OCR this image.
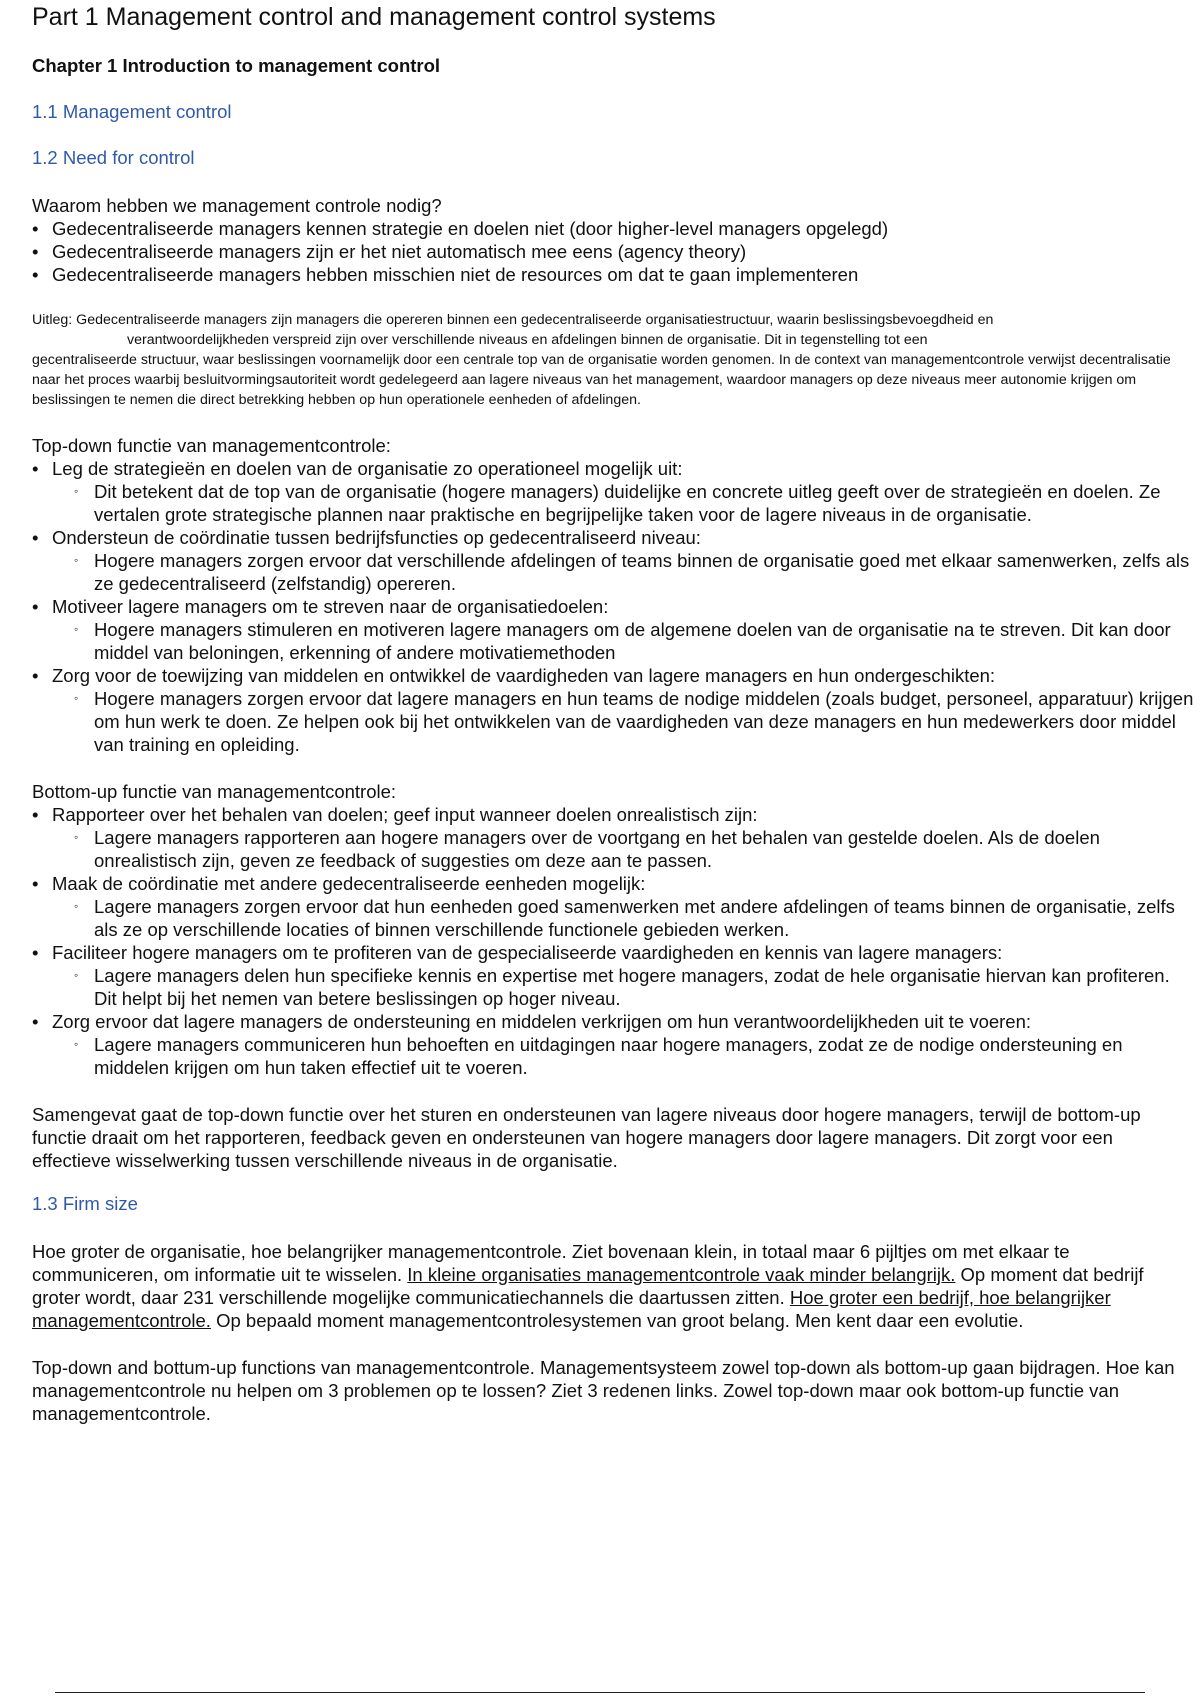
Part 1 Management control and management control systems
Chapter 1 Introduction to management control
1.1 Management control
1.2 Need for control

Waarom hebben we management controle nodig?

• Gedecentraliseerde managers kennen strategie en doelen niet (door higher-level managers opgelegd)
• Gedecentraliseerde managers zijn er het niet automatisch mee eens (agency theory)
• Gedecentraliseerde managers hebben misschien niet de resources om dat te gaan implementeren
Uitleg: Gedecentraliseerde managers zijn managers die opereren binnen een gedecentraliseerde organisatiestructuur, waarin beslissingsbevoegdheid en

verantwoordelijkheden verspreid zijn over verschillende niveaus en afdelingen binnen de organisatie. Dit in tegenstelling tot een
gecentraliseerde structuur, waar beslissingen voornamelijk door een centrale top van de organisatie worden genomen. In de context van managementcontrole verwijst decentralisatie naar het proces waarbij besluitvormingsautoriteit wordt gedelegeerd aan lagere niveaus van het management, waardoor managers op deze niveaus meer autonomie krijgen om beslissingen te nemen die direct betrekking hebben op hun operationele eenheden of afdelingen.

Top-down functie van managementcontrole:

• Leg de strategieën en doelen van de organisatie zo operationeel mogelijk uit:
◦ Dit betekent dat de top van de organisatie (hogere managers) duidelijke en concrete uitleg geeft over de strategieën en doelen. Ze vertalen grote strategische plannen naar praktische en begrijpelijke taken voor de lagere niveaus in de organisatie.
• Ondersteun de coördinatie tussen bedrijfsfuncties op gedecentraliseerd niveau:
◦ Hogere managers zorgen ervoor dat verschillende afdelingen of teams binnen de organisatie goed met elkaar samenwerken, zelfs als ze gedecentraliseerd (zelfstandig) opereren.
• Motiveer lagere managers om te streven naar de organisatiedoelen:
◦ Hogere managers stimuleren en motiveren lagere managers om de algemene doelen van de organisatie na te streven. Dit kan door middel van beloningen, erkenning of andere motivatiemethoden
• Zorg voor de toewijzing van middelen en ontwikkel de vaardigheden van lagere managers en hun ondergeschikten:
◦ Hogere managers zorgen ervoor dat lagere managers en hun teams de nodige middelen (zoals budget, personeel, apparatuur) krijgen om hun werk te doen. Ze helpen ook bij het ontwikkelen van de vaardigheden van deze managers en hun medewerkers door middel van training en opleiding.

Bottom-up functie van managementcontrole:

• Rapporteer over het behalen van doelen; geef input wanneer doelen onrealistisch zijn:
◦ Lagere managers rapporteren aan hogere managers over de voortgang en het behalen van gestelde doelen. Als de doelen onrealistisch zijn, geven ze feedback of suggesties om deze aan te passen.
• Maak de coördinatie met andere gedecentraliseerde eenheden mogelijk:
◦ Lagere managers zorgen ervoor dat hun eenheden goed samenwerken met andere afdelingen of teams binnen de organisatie, zelfs als ze op verschillende locaties of binnen verschillende functionele gebieden werken.
• Faciliteer hogere managers om te profiteren van de gespecialiseerde vaardigheden en kennis van lagere managers:
◦ Lagere managers delen hun specifieke kennis en expertise met hogere managers, zodat de hele organisatie hiervan kan profiteren. Dit helpt bij het nemen van betere beslissingen op hoger niveau.
• Zorg ervoor dat lagere managers de ondersteuning en middelen verkrijgen om hun verantwoordelijkheden uit te voeren:
◦ Lagere managers communiceren hun behoeften en uitdagingen naar hogere managers, zodat ze de nodige ondersteuning en middelen krijgen om hun taken effectief uit te voeren.

Samengevat gaat de top-down functie over het sturen en ondersteunen van lagere niveaus door hogere managers, terwijl de bottom-up functie draait om het rapporteren, feedback geven en ondersteunen van hogere managers door lagere managers. Dit zorgt voor een effectieve wisselwerking tussen verschillende niveaus in de organisatie.

1.3 Firm size

Hoe groter de organisatie, hoe belangrijker managementcontrole. Ziet bovenaan klein, in totaal maar 6 pijltjes om met elkaar te communiceren, om informatie uit te wisselen. In kleine organisaties managementcontrole vaak minder belangrijk. Op moment dat bedrijf groter wordt, daar 231 verschillende mogelijke communicatiechannels die daartussen zitten. Hoe groter een bedrijf, hoe belangrijker managementcontrole. Op bepaald moment managementcontrolesystemen van groot belang. Men kent daar een evolutie.

Top-down and bottum-up functions van managementcontrole. Managementsysteem zowel top-down als bottom-up gaan bijdragen. Hoe kan managementcontrole nu helpen om 3 problemen op te lossen? Ziet 3 redenen links. Zowel top-down maar ook bottom-up functie van managementcontrole.
